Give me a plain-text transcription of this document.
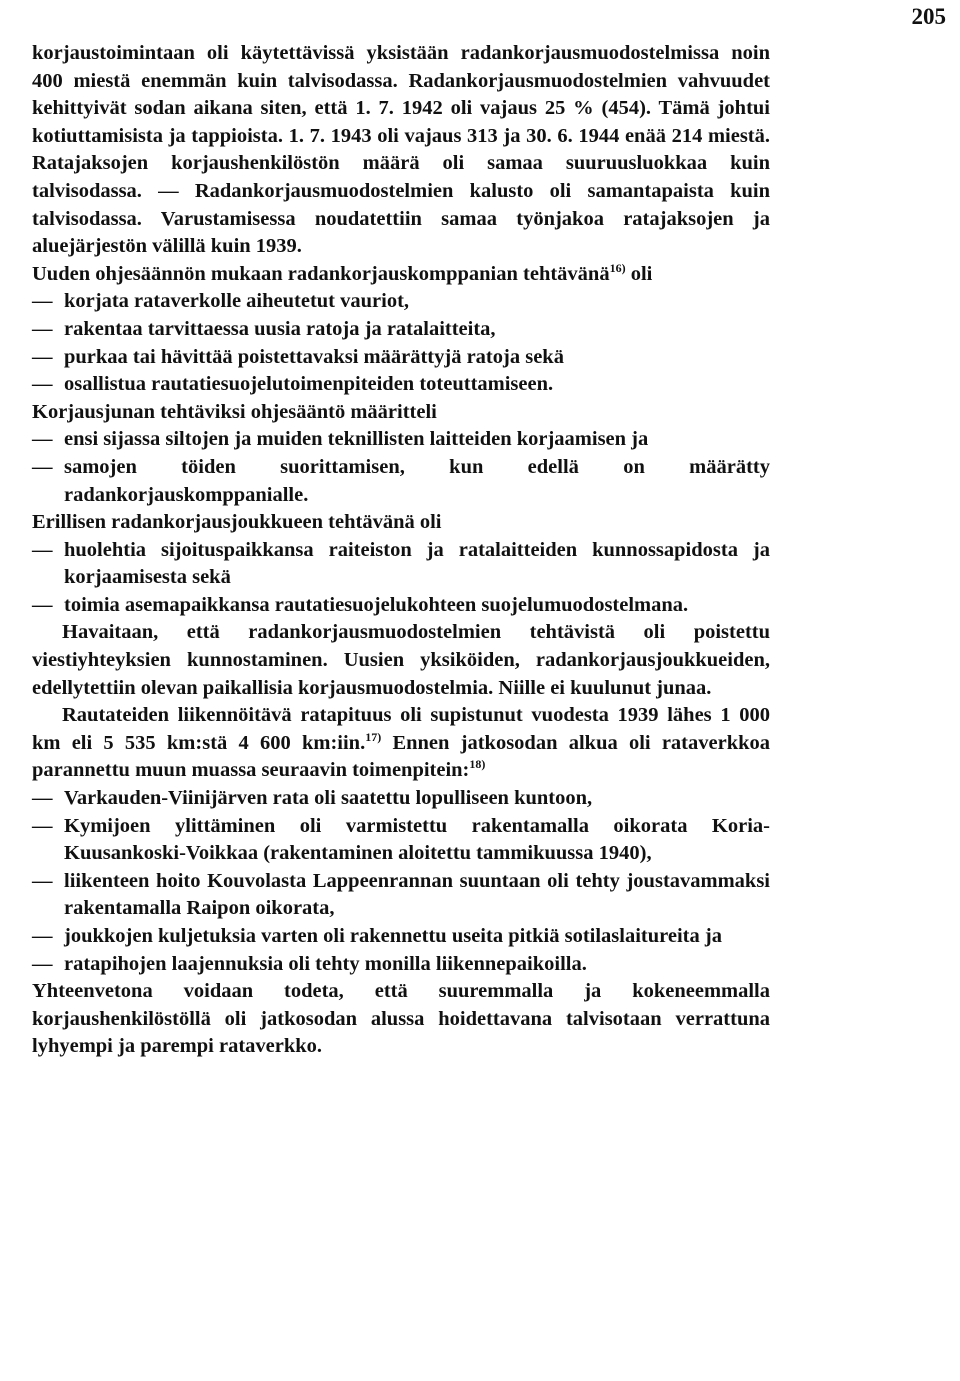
205

korjaustoimintaan oli käytettävissä yksistään radankorjausmuodostelmissa noin 400 miestä enemmän kuin talvisodassa. Radankorjausmuodostelmien vahvuudet kehittyivät sodan aikana siten, että 1. 7. 1942 oli vajaus 25 % (454). Tämä johtui kotiuttamisista ja tappioista. 1. 7. 1943 oli vajaus 313 ja 30. 6. 1944 enää 214 miestä. Ratajaksojen korjaushenkilöstön määrä oli samaa suuruusluokkaa kuin talvisodassa. — Radankorjausmuodostelmien kalusto oli samantapaista kuin talvisodassa. Varustamisessa noudatettiin samaa työnjakoa ratajaksojen ja aluejärjestön välillä kuin 1939.

Uuden ohjesäännön mukaan radankorjauskomppanian tehtävänä$^{16)}$ oli

— korjata rataverkolle aiheutetut vauriot,
— rakentaa tarvittaessa uusia ratoja ja ratalaitteita,
— purkaa tai hävittää poistettavaksi määrättyjä ratoja sekä
— osallistua rautatiesuojelutoimenpiteiden toteuttamiseen.

Korjausjunan tehtäviksi ohjesääntö määritteli

— ensi sijassa siltojen ja muiden teknillisten laitteiden korjaamisen ja
— samojen töiden suorittamisen, kun edellä on määrätty radankorjauskomppanialle.

Erillisen radankorjausjoukkueen tehtävänä oli

— huolehtia sijoituspaikkansa raiteiston ja ratalaitteiden kunnossapidosta ja korjaamisesta sekä
— toimia asemapaikkansa rautatiesuojelukohteen suojelumuodostelmana.

Havaitaan, että radankorjausmuodostelmien tehtävistä oli poistettu viestiyhteyksien kunnostaminen. Uusien yksiköiden, radankorjausjoukkueiden, edellytettiin olevan paikallisia korjausmuodostelmia. Niille ei kuulunut junaa.

Rautateiden liikennöitävä ratapituus oli supistunut vuodesta 1939 lähes 1 000 km eli 5 535 km:stä 4 600 km:iin.$^{17)}$ Ennen jatkosodan alkua oli rataverkkoa parannettu muun muassa seuraavin toimenpitein:$^{18)}$

— Varkauden-Viinijärven rata oli saatettu lopulliseen kuntoon,
— Kymijoen ylittäminen oli varmistettu rakentamalla oikorata Koria-Kuusankoski-Voikkaa (rakentaminen aloitettu tammikuussa 1940),
— liikenteen hoito Kouvolasta Lappeenrannan suuntaan oli tehty joustavammaksi rakentamalla Raipon oikorata,
— joukkojen kuljetuksia varten oli rakennettu useita pitkiä sotilaslaitureita ja
— ratapihojen laajennuksia oli tehty monilla liikennepaikoilla.

Yhteenvetona voidaan todeta, että suuremmalla ja kokeneemmalla korjaushenkilöstöllä oli jatkosodan alussa hoidettavana talvisotaan verrattuna lyhyempi ja parempi rataverkko.
